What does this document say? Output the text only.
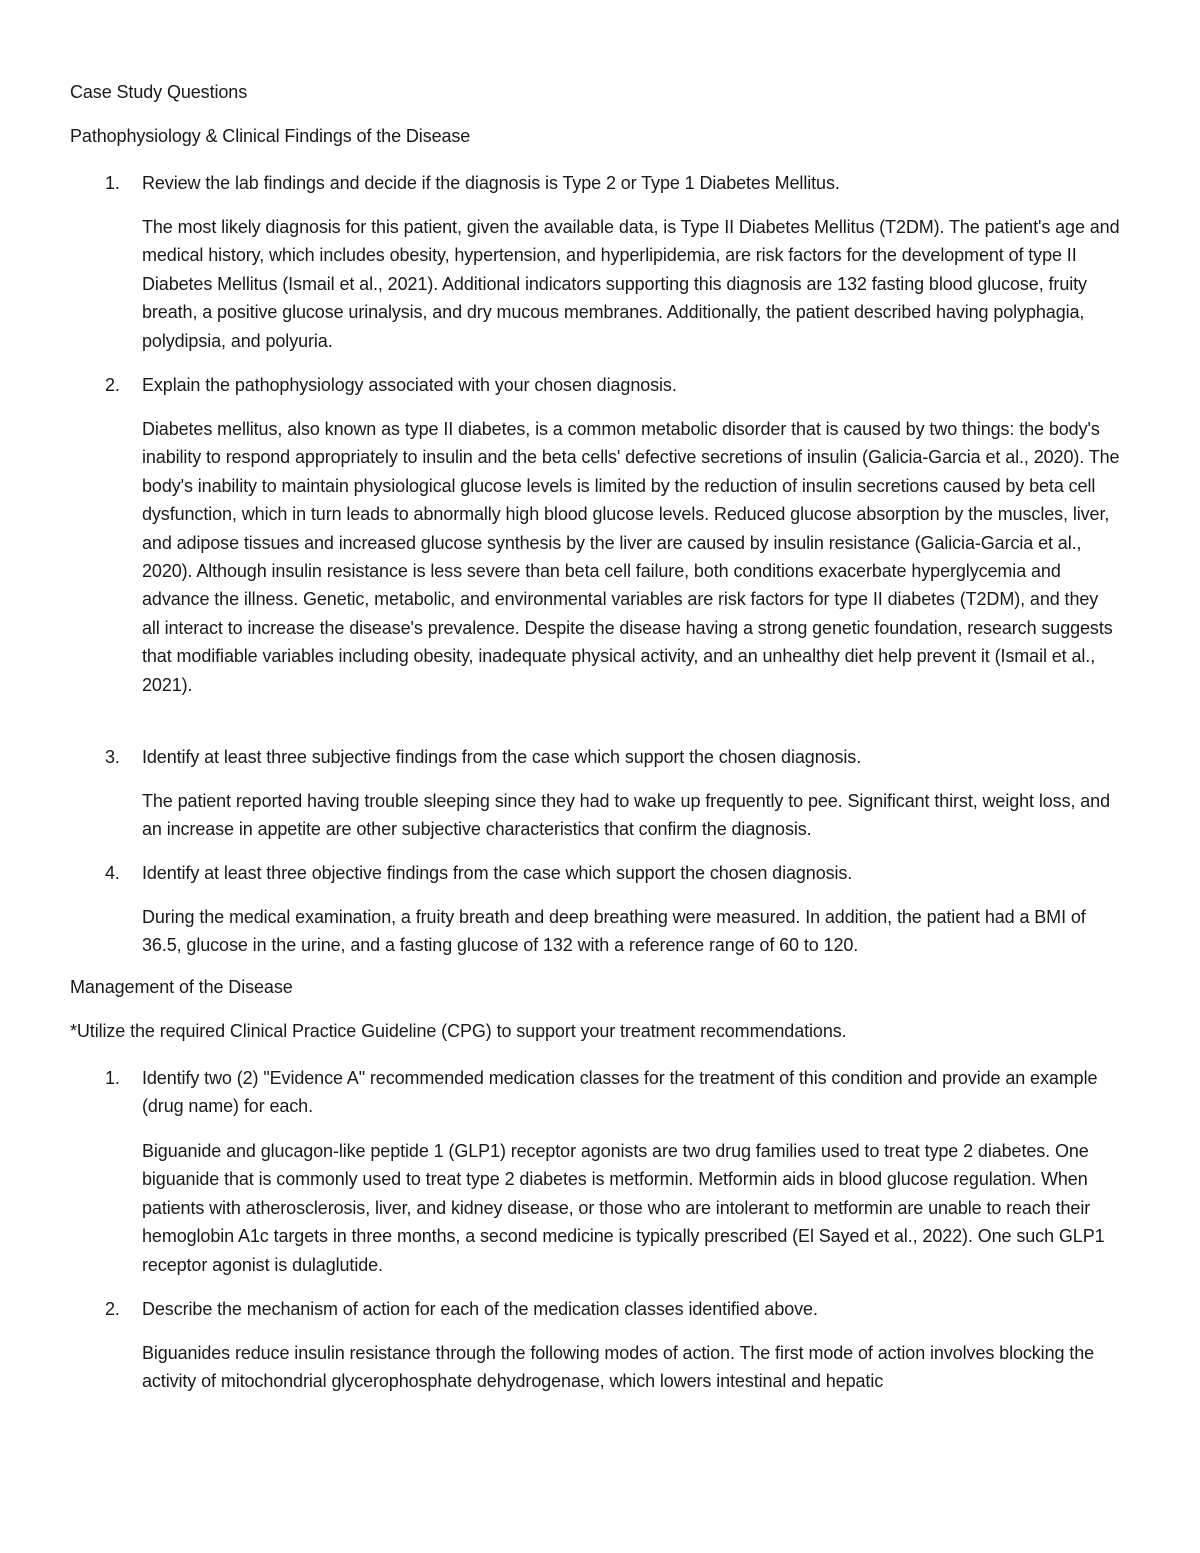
Case Study Questions
Pathophysiology & Clinical Findings of the Disease
1.	Review the lab findings and decide if the diagnosis is Type 2 or Type 1 Diabetes Mellitus.

The most likely diagnosis for this patient, given the available data, is Type II Diabetes Mellitus (T2DM). The patient's age and medical history, which includes obesity, hypertension, and hyperlipidemia, are risk factors for the development of type II Diabetes Mellitus (Ismail et al., 2021). Additional indicators supporting this diagnosis are 132 fasting blood glucose, fruity breath, a positive glucose urinalysis, and dry mucous membranes. Additionally, the patient described having polyphagia, polydipsia, and polyuria.

2.	Explain the pathophysiology associated with your chosen diagnosis.

Diabetes mellitus, also known as type II diabetes, is a common metabolic disorder that is caused by two things: the body's inability to respond appropriately to insulin and the beta cells' defective secretions of insulin (Galicia-Garcia et al., 2020). The body's inability to maintain physiological glucose levels is limited by the reduction of insulin secretions caused by beta cell dysfunction, which in turn leads to abnormally high blood glucose levels. Reduced glucose absorption by the muscles, liver, and adipose tissues and increased glucose synthesis by the liver are caused by insulin resistance (Galicia-Garcia et al., 2020). Although insulin resistance is less severe than beta cell failure, both conditions exacerbate hyperglycemia and advance the illness. Genetic, metabolic, and environmental variables are risk factors for type II diabetes (T2DM), and they all interact to increase the disease's prevalence. Despite the disease having a strong genetic foundation, research suggests that modifiable variables including obesity, inadequate physical activity, and an unhealthy diet help prevent it (Ismail et al., 2021).

3.	Identify at least three subjective findings from the case which support the chosen diagnosis.

The patient reported having trouble sleeping since they had to wake up frequently to pee. Significant thirst, weight loss, and an increase in appetite are other subjective characteristics that confirm the diagnosis.

4.	Identify at least three objective findings from the case which support the chosen diagnosis.

During the medical examination, a fruity breath and deep breathing were measured. In addition, the patient had a BMI of 36.5, glucose in the urine, and a fasting glucose of 132 with a reference range of 60 to 120.

Management of the Disease

*Utilize the required Clinical Practice Guideline (CPG) to support your treatment recommendations.

1.	Identify two (2) "Evidence A" recommended medication classes for the treatment of this condition and provide an example (drug name) for each.

Biguanide and glucagon-like peptide 1 (GLP1) receptor agonists are two drug families used to treat type 2 diabetes. One biguanide that is commonly used to treat type 2 diabetes is metformin. Metformin aids in blood glucose regulation. When patients with atherosclerosis, liver, and kidney disease, or those who are intolerant to metformin are unable to reach their hemoglobin A1c targets in three months, a second medicine is typically prescribed (El Sayed et al., 2022). One such GLP1 receptor agonist is dulaglutide.

2.	Describe the mechanism of action for each of the medication classes identified above.

Biguanides reduce insulin resistance through the following modes of action. The first mode of action involves blocking the activity of mitochondrial glycerophosphate dehydrogenase, which lowers intestinal and hepatic
